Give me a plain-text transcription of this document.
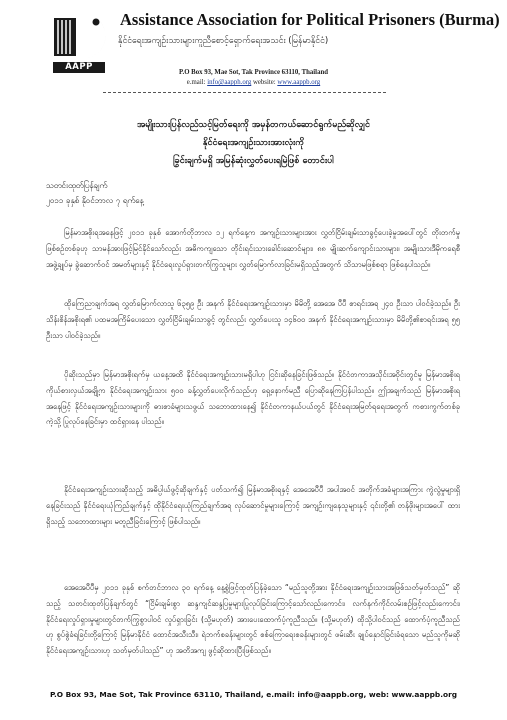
AAPP
Assistance Association for Political Prisoners (Burma)
နိုင်ငံရေးအကျဉ်းသားများကူညီစောင့်ရှောက်ရေးအသင်း (မြန်မာနိုင်ငံ)
P.O Box 93, Mae Sot, Tak Province 63110, Thailand
e.mail: info@aapph.org website: www.aappb.org
အမျိုးသားပြန်လည်သင့်မြတ်ရေးကို အမှန်တကယ်ဆောင်ရွက်မည်ဆိုလျှင်
နိုင်ငံရေးအကျဉ်းသားအားလုံးကို
ခြွင်းချက်မရှိ အမြန်ဆုံးလွှတ်ပေးရမြဲဖြစ် တောင်းပါ
သတင်းထုတ်ပြန်ချက်
၂၀၁၁ ခုနှစ် နိုဝင်ဘာလ ၇ ရက်နေ့
မြန်မာအစိုးရအနေဖြင့် ၂၀၁၁ ခုနှစ် အောက်တိုဘာလ ၁၂ ရက်နေ့က အကျဉ်းသားများအား လွှတ်ငြိမ်းချမ်းသာခွင့်ပေးခဲ့မှုအပေါ်တွင် တိုးတက်မှုဖြစ်စဉ်တစ်ခုဟု သာမန်အားဖြင့်မြင်နိုင်သော်လည်း အဓိကကျသော တိုင်းရင်းသားခေါင်းဆောင်များ၊ ၈၈ မျိုးဆက်ကျောင်းသားများ၊ အမျိုးသားဒီမိုကရေစီအဖွဲ့ချုပ်မှ ခွဲဆောက်ဝင် အမတ်များနှင့် နိုင်ငံရေးလှုပ်ရှားတက်ကြွသူများ လွှတ်မြောက်လာခြင်းမရှိသည့်အတွက် သိသာမဖြစ်စရာ ဖြစ်နေပါသည်။
ထိုကြေညာချက်အရ လွှတ်မြောက်လာသူ ၆၃၅၉ ဦး အနက် နိုင်ငံရေးအကျဉ်းသားမှာ မိမိတို့ အေအေ ပီပီ စာရင်းအရ ၂၄၀ ဦးသာ ပါဝင်ခဲ့သည်။ ဦးသိန်းစိန်အစိုးရ၏ ပထမအကြိမ်ပေးသော လွှတ်ငြိမ်းချမ်းသာခွင့် တွင်လည်း လွှတ်ပေးသူ ၁၄၆၀၀ အနက် နိုင်ငံရေးအကျဉ်းသားမှာ မိမိတို့၏စာရင်းအရ ၅၅ ဦးသာ ပါဝင်ခဲ့သည်။
ပိုဆိုးသည်မှာ မြန်မာအစိုးရက်မှ ယနေ့အထိ နိုင်ငံရေးအကျဉ်းသားမရှိပါဟု ငြင်းဆိုနေခြင်းဖြစ်သည်။ နိုင်ငံတကာအသိုင်းအဝိုင်းတွင်မူ မြန်မာအစိုးရ ကိုယ်စားလှယ်အချို့က နိုင်ငံရေးအကျဉ်းသား ၅၀၀ ခန့်လွှတ်ပေးလိုက်သည်ဟု ရှေ့နောက်မညီ ပြောဆိုနေကြပြန်ပါသည်။ ဤအချက်သည် မြန်မာအစိုးရအနေဖြင့် နိုင်ငံရေးအကျဉ်းသားများကို ဓားစာခံများသဖွယ် သဘောထားနေ၍ နိုင်ငံတကာနယ်ပယ်တွင် နိုင်ငံရေးအမြတ်ရရေးအတွက် ကစားကွက်တစ်ခုကဲ့သို့ ပြုလုပ်နေခြင်းမှာ ထင်ရှားနေ ပါသည်။
နိုင်ငံရေးအကျဉ်းသားဆိုသည့် အဓိပ္ပါယ်ဖွင့်ဆိုချက်နှင့် ပတ်သက်၍ မြန်မာအစိုးရနှင့် အေအေပီပီ အပါအဝင် အတိုက်အခံများအကြား ကွဲလွဲမှုများရှိနေခြင်းသည် နိုင်ငံရေးယုံကြည်ချက်နှင့် ထိုနိုင်ငံရေးယုံကြည်ချက်အရ လုပ်ဆောင်မှုများကြောင့် အကျဉ်းကျနေသူများနှင့် ၎င်းတို့၏ တန်ဖိုးများအပေါ် ထားရှိသည့် သဘောထားများ မတူညီခြင်းကြောင့် ဖြစ်ပါသည်။
အေအေပီပီမှ ၂၀၁၁ ခုနှစ် စက်တင်ဘာလ ၃၀ ရက်နေ့ နေ့စွဲဖြင့်ထုတ်ပြန်ခဲ့သော “မည်သူတို့အား နိုင်ငံရေးအကျဉ်းသားအဖြစ်သတ်မှတ်သည်” ဆိုသည့် သတင်းထုတ်ပြန်ချက်တွင် “ငြိမ်းချမ်းစွာ ဆန္ဒကျင်ဆန္ဒပြမှုများပြုလုပ်ခြင်းကြောင့်သော်လည်းကောင်း၊ လက်နက်ကိုင်လမ်းစဉ်ဖြင့်လည်းကောင်း၊ နိုင်ငံရေးလှုပ်ရှားမှုများတွင်တက်ကြွစွာပါဝင် လှုပ်ရှားခြင်း (သို့မဟုတ်) အားပေးထောက်ပံ့ကူညီသည်။ (သို့မဟုတ်) ထိုသို့ပါဝင်သည် ထောက်ပံ့ကူညီသည်ဟု စွပ်စွဲခံရခြင်းတို့ကြောင့် မြန်မာနိုင်ငံ ထောင်အသီးသီး၊ ရဲဘက်စခန်းများတွင် စစ်ကြောရေးစခန်းများတွင် ဖမ်းဆီး ချုပ်နှောင်ခြင်းခံရသော မည်သူကိုမဆို နိုင်ငံရေးအကျဉ်းသားဟု သတ်မှတ်ပါသည်” ဟု အတိအကျ ဖွင့်ဆိုထားပြီးဖြစ်သည်။
P.O Box 93, Mae Sot, Tak Province 63110, Thailand, e.mail: info@aappb.org, web: www.aappb.org
